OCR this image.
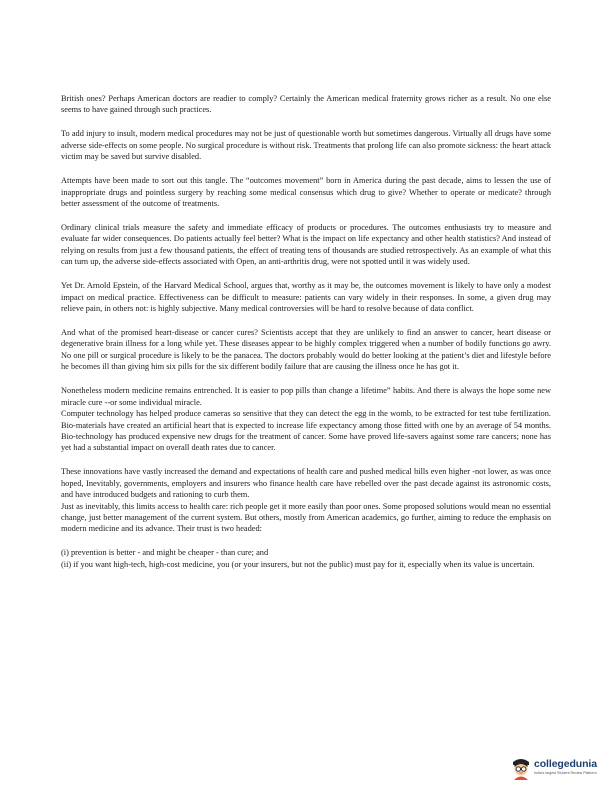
British ones? Perhaps American doctors are readier to comply? Certainly the American medical fraternity grows richer as a result. No one else seems to have gained through such practices.

To add injury to insult, modern medical procedures may not be just of questionable worth but sometimes dangerous. Virtually all drugs have some adverse side-effects on some people. No surgical procedure is without risk. Treatments that prolong life can also promote sickness: the heart attack victim may be saved but survive disabled.

Attempts have been made to sort out this tangle. The “outcomes movement” born in America during the past decade, aims to lessen the use of inappropriate drugs and pointless surgery by reaching some medical consensus which drug to give? Whether to operate or medicate? through better assessment of the outcome of treatments.

Ordinary clinical trials measure the safety and immediate efficacy of products or procedures. The outcomes enthusiasts try to measure and evaluate far wider consequences. Do patients actually feel better? What is the impact on life expectancy and other health statistics? And instead of relying on results from just a few thousand patients, the effect of treating tens of thousands are studied retrospectively. As an example of what this can turn up, the adverse side-effects associated with Open, an anti-arthritis drug, were not spotted until it was widely used.

Yet Dr. Arnold Epstein, of the Harvard Medical School, argues that, worthy as it may be, the outcomes movement is likely to have only a modest impact on medical practice. Effectiveness can be difficult to measure: patients can vary widely in their responses. In some, a given drug may relieve pain, in others not: is highly subjective. Many medical controversies will be hard to resolve because of data conflict.

And what of the promised heart-disease or cancer cures? Scientists accept that they are unlikely to find an answer to cancer, heart disease or degenerative brain illness for a long while yet. These diseases appear to be highly complex triggered when a number of bodily functions go awry. No one pill or surgical procedure is likely to be the panacea. The doctors probably would do better looking at the patient’s diet and lifestyle before he becomes ill than giving him six pills for the six different bodily failure that are causing the illness once he has got it.

Nonetheless modern medicine remains entrenched. It is easier to pop pills than change a lifetime” habits. And there is always the hope some new miracle cure --or some individual miracle.

Computer technology has helped produce cameras so sensitive that they can detect the egg in the womb, to be extracted for test tube fertilization. Bio-materials have created an artificial heart that is expected to increase life expectancy among those fitted with one by an average of 54 months. Bio-technology has produced expensive new drugs for the treatment of cancer. Some have proved life-savers against some rare cancers; none has yet had a substantial impact on overall death rates due to cancer.

These innovations have vastly increased the demand and expectations of health care and pushed medical bills even higher -not lower, as was once hoped, Inevitably, governments, employers and insurers who finance health care have rebelled over the past decade against its astronomic costs, and have introduced budgets and rationing to curb them.

Just as inevitably, this limits access to health care: rich people get it more easily than poor ones. Some proposed solutions would mean no essential change, just better management of the current system. But others, mostly from American academics, go further, aiming to reduce the emphasis on modern medicine and its advance. Their trust is two headed:

(i) prevention is better - and might be cheaper - than cure; and

(ii) if you want high-tech, high-cost medicine, you (or your insurers, but not the public) must pay for it, especially when its value is uncertain.

collegedunia
India's largest Student Review Platform
